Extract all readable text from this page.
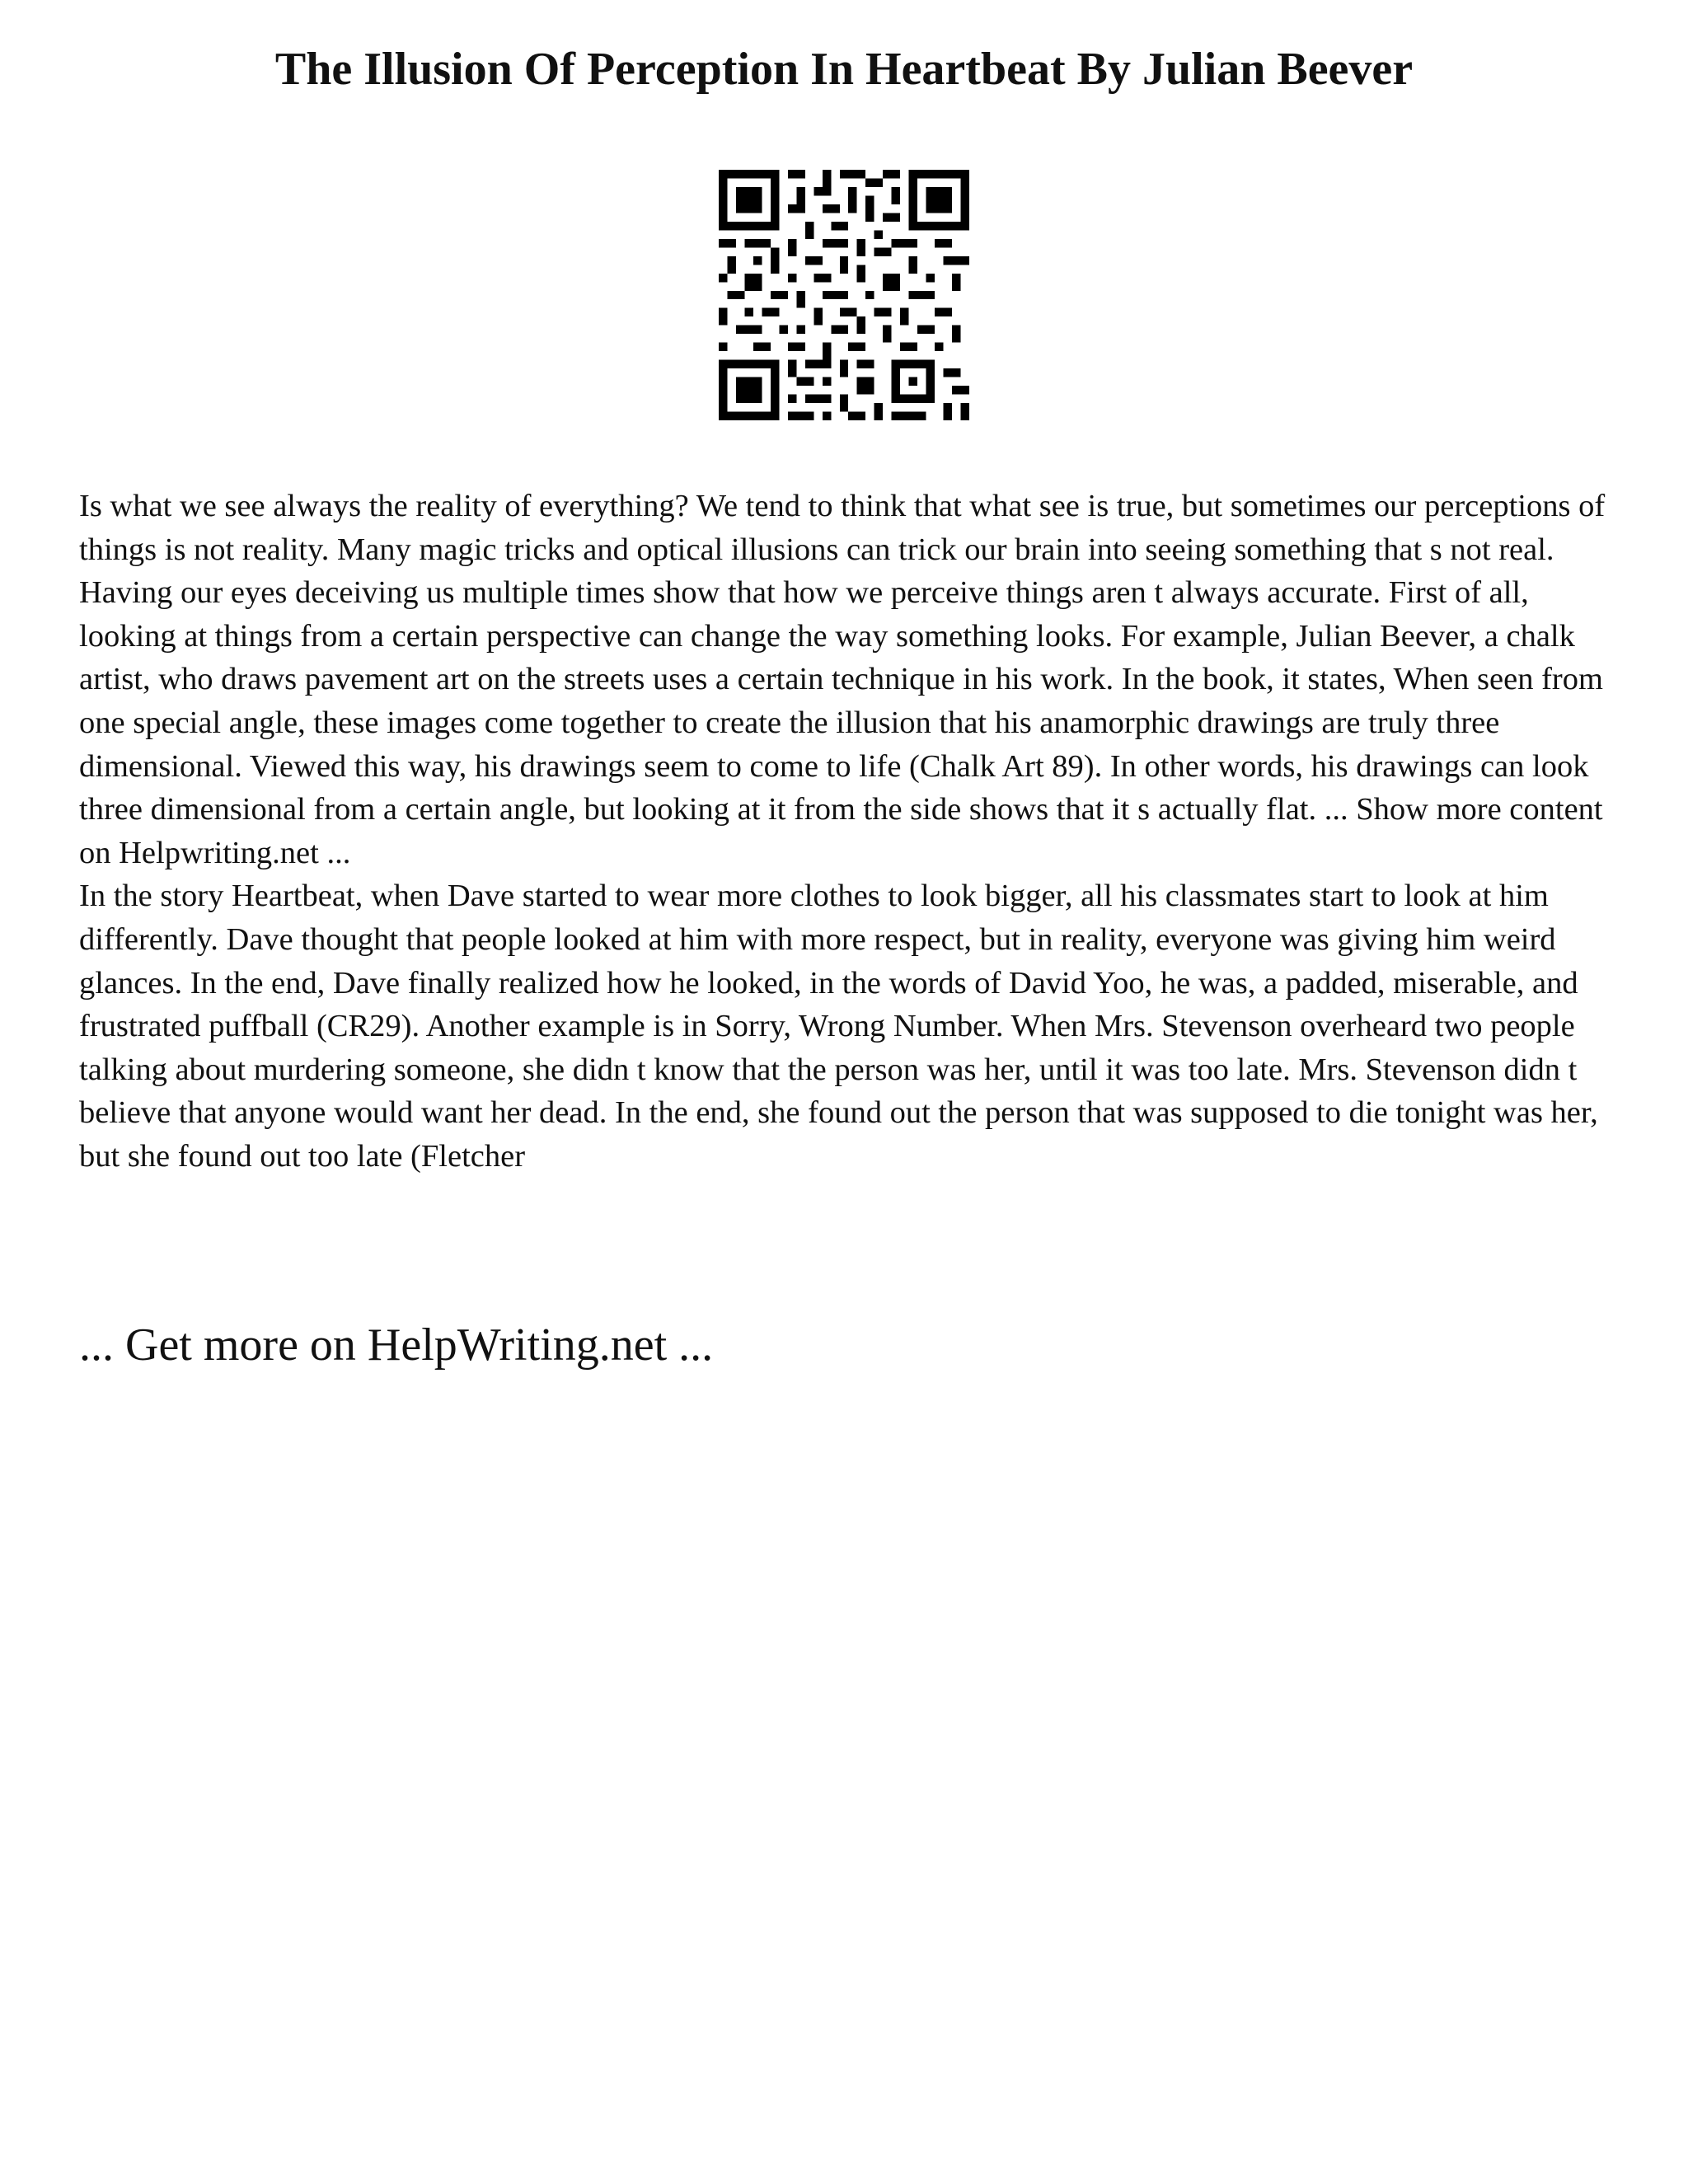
The Illusion Of Perception In Heartbeat By Julian Beever

Is what we see always the reality of everything? We tend to think that what see is true, but sometimes our perceptions of things is not reality. Many magic tricks and optical illusions can trick our brain into seeing something that s not real. Having our eyes deceiving us multiple times show that how we perceive things aren t always accurate. First of all, looking at things from a certain perspective can change the way something looks. For example, Julian Beever, a chalk artist, who draws pavement art on the streets uses a certain technique in his work. In the book, it states, When seen from one special angle, these images come together to create the illusion that his anamorphic drawings are truly three dimensional. Viewed this way, his drawings seem to come to life (Chalk Art 89). In other words, his drawings can look three dimensional from a certain angle, but looking at it from the side shows that it s actually flat. ... Show more content on Helpwriting.net ...

In the story Heartbeat, when Dave started to wear more clothes to look bigger, all his classmates start to look at him differently. Dave thought that people looked at him with more respect, but in reality, everyone was giving him weird glances. In the end, Dave finally realized how he looked, in the words of David Yoo, he was, a padded, miserable, and frustrated puffball (CR29). Another example is in Sorry, Wrong Number. When Mrs. Stevenson overheard two people talking about murdering someone, she didn t know that the person was her, until it was too late. Mrs. Stevenson didn t believe that anyone would want her dead. In the end, she found out the person that was supposed to die tonight was her, but she found out too late (Fletcher

... Get more on HelpWriting.net ...
